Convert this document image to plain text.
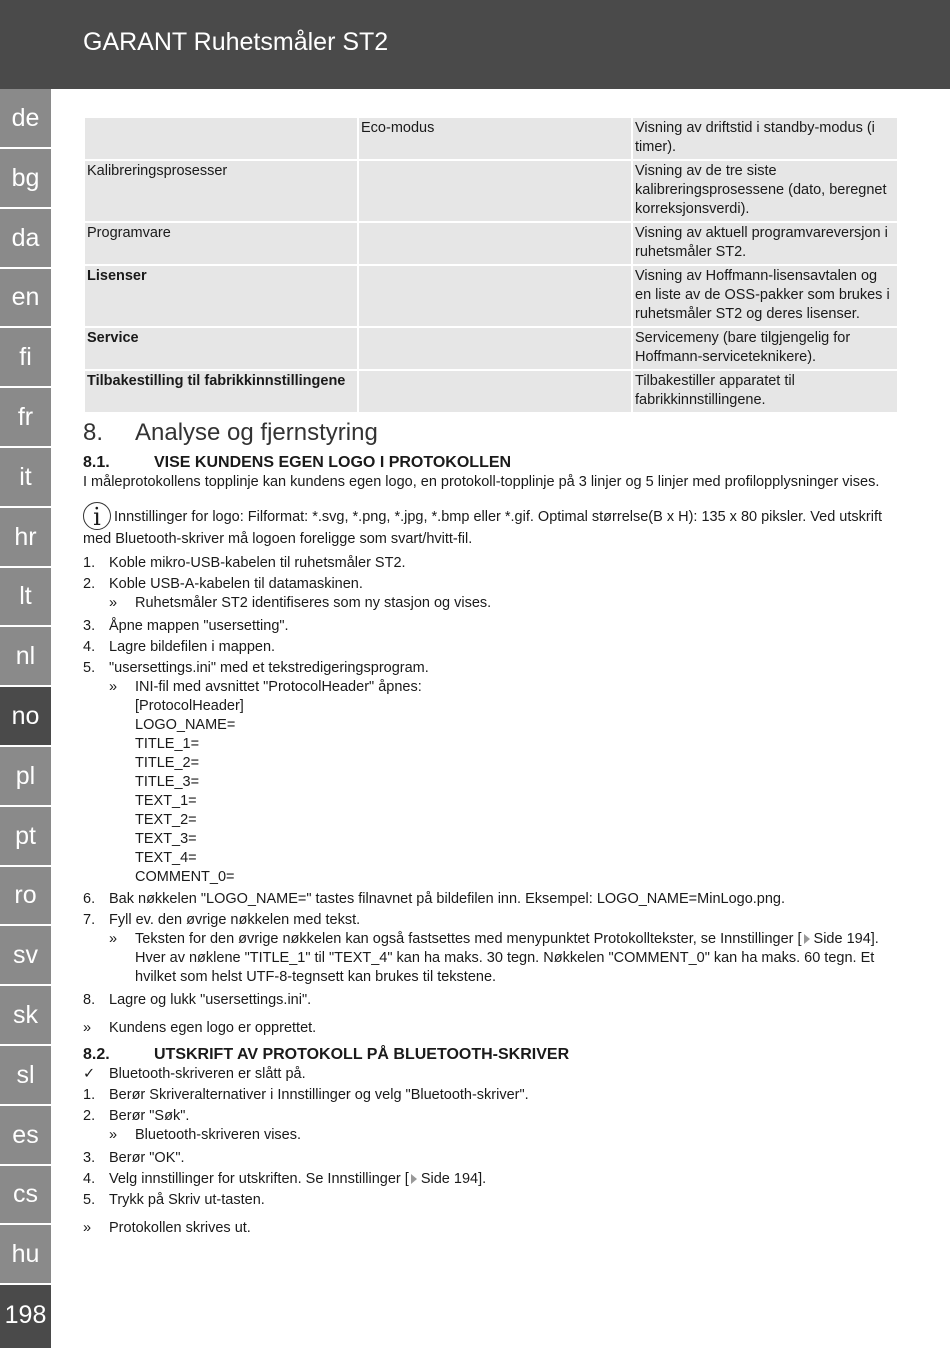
GARANT Ruhetsmåler ST2
de
bg
da
en
fi
fr
it
hr
lt
nl
no
pl
pt
ro
sv
sk
sl
es
cs
hu
198
	Eco-modus	Visning av driftstid i standby-modus (i timer).
Kalibreringsprosesser		Visning av de tre siste kalibreringsprosessene (dato, beregnet korreksjonsverdi).
Programvare		Visning av aktuell programvareversjon i ruhetsmåler ST2.
Lisenser		Visning av Hoffmann-lisensavtalen og en liste av de OSS-pakker som brukes i ruhetsmåler ST2 og deres lisenser.
Service		Servicemeny (bare tilgjengelig for Hoffmann-serviceteknikere).
Tilbakestilling til fabrikkinnstillingene		Tilbakestiller apparatet til fabrikkinnstillingene.
8. Analyse og fjernstyring
8.1.	VISE KUNDENS EGEN LOGO I PROTOKOLLEN

I måleprotokollens topplinje kan kundens egen logo, en protokoll-topplinje på 3 linjer og 5 linjer med profilopplysninger vises.

i Innstillinger for logo: Filformat: *.svg, *.png, *.jpg, *.bmp eller *.gif. Optimal størrelse(B x H): 135 x 80 piksler. Ved utskrift med Bluetooth-skriver må logoen foreligge som svart/hvitt-fil.

1. Koble mikro-USB-kabelen til ruhetsmåler ST2.
2. Koble USB-A-kabelen til datamaskinen.
» Ruhetsmåler ST2 identifiseres som ny stasjon og vises.
3. Åpne mappen "usersetting".
4. Lagre bildefilen i mappen.
5. "usersettings.ini" med et tekstredigeringsprogram.
» INI-fil med avsnittet "ProtocolHeader" åpnes:
[ProtocolHeader]
LOGO_NAME=
TITLE_1=
TITLE_2=
TITLE_3=
TEXT_1=
TEXT_2=
TEXT_3=
TEXT_4=
COMMENT_0=
6. Bak nøkkelen "LOGO_NAME=" tastes filnavnet på bildefilen inn. Eksempel: LOGO_NAME=MinLogo.png.
7. Fyll ev. den øvrige nøkkelen med tekst.
» Teksten for den øvrige nøkkelen kan også fastsettes med menypunktet Protokolltekster, se Innstillinger [ Side 194]. Hver av nøklene "TITLE_1" til "TEXT_4" kan ha maks. 30 tegn. Nøkkelen "COMMENT_0" kan ha maks. 60 tegn. Et hvilket som helst UTF-8-tegnsett kan brukes til tekstene.
8. Lagre og lukk "usersettings.ini".
» Kundens egen logo er opprettet.
8.2.	UTSKRIFT AV PROTOKOLL PÅ BLUETOOTH-SKRIVER
✓ Bluetooth-skriveren er slått på.
1. Berør Skriveralternativer i Innstillinger og velg "Bluetooth-skriver".
2. Berør "Søk".
» Bluetooth-skriveren vises.
3. Berør "OK".
4. Velg innstillinger for utskriften. Se Innstillinger [ Side 194].
5. Trykk på Skriv ut-tasten.
» Protokollen skrives ut.
